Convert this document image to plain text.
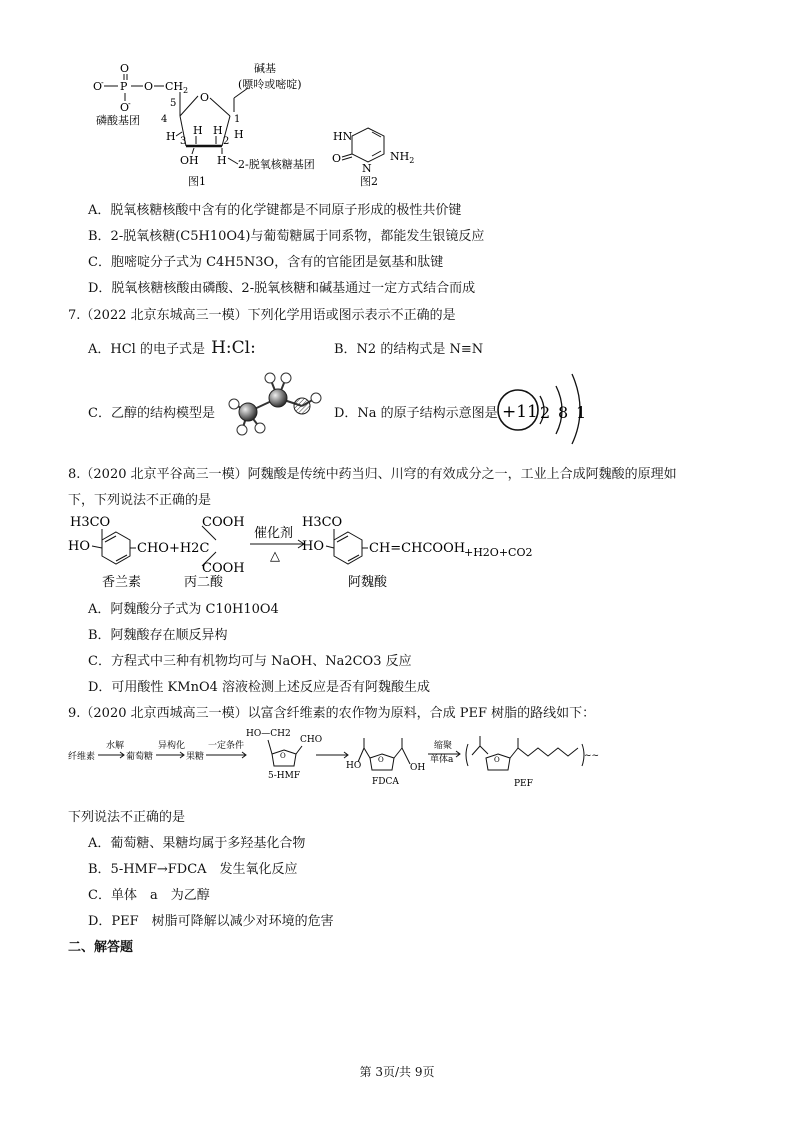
O
O
- P O $CH_2$
O
-
磷酸基团
5 O
4	1
3	2
H H H H
OH H 2-脱氧核糖基团
碱基
(嘌呤或嘧啶)
图1
HN
O
N
$NH_2$
图2
A．脱氧核糖核酸中含有的化学键都是不同原子形成的极性共价键
B．2-脱氧核糖(C5H10O4)与葡萄糖属于同系物，都能发生银镜反应
C．胞嘧啶分子式为 C4H5N3O，含有的官能团是氨基和肽键
D．脱氧核糖核酸由磷酸、2-脱氧核糖和碱基通过一定方式结合而成
7.（2022 北京东城高三一模）下列化学用语或图示表示不正确的是
A．HCl 的电子式是 H:Cl:	B．N2 的结构式是 N≡N
C．乙醇的结构模型是	D．Na 的原子结构示意图是 +11 2 8 1
8.（2020 北京平谷高三一模）阿魏酸是传统中药当归、川穹的有效成分之一，工业上合成阿魏酸的原理如
下，下列说法不正确的是
H3CO
HO	CHO+H2C
COOH
COOH
催化剂
△
H3CO
HO	CH=CHCOOH
+H2O+CO2
香兰素	丙二酸	阿魏酸
A．阿魏酸分子式为 C10H10O4
B．阿魏酸存在顺反异构
C．方程式中三种有机物均可与 NaOH、Na2CO3 反应
D．可用酸性 KMnO4 溶液检测上述反应是否有阿魏酸生成
9.（2020 北京西城高三一模）以富含纤维素的农作物为原料，合成 PEF 树脂的路线如下：
纤维素
水解
葡萄糖
异构化
果糖
一定条件
HO—CH2
CHO
O
5-HMF
HO
O
OH
FDCA
缩聚
单体a	O	~~
PEF
下列说法不正确的是
A．葡萄糖、果糖均属于多羟基化合物
B．5-HMF→FDCA　发生氧化反应
C．单体　a　为乙醇
D．PEF　树脂可降解以减少对环境的危害
二、解答题
第 3页/共 9页
